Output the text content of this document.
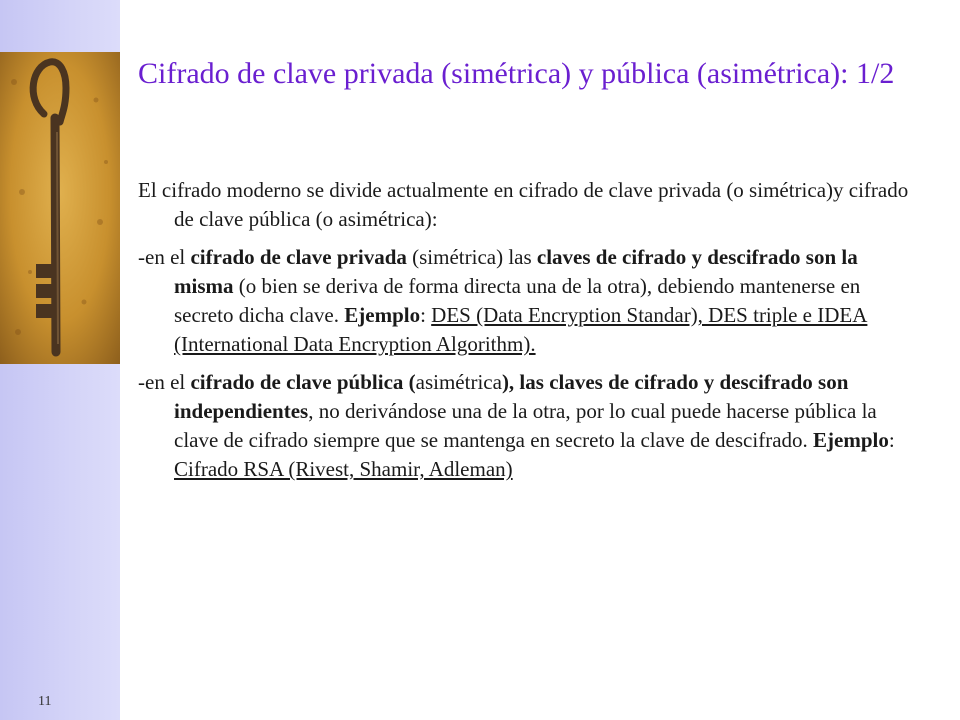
11
Cifrado de clave privada (simétrica) y pública (asimétrica): 1/2

El cifrado moderno se divide actualmente en cifrado de clave privada (o simétrica)y cifrado de clave pública (o asimétrica):

-en el cifrado de clave privada (simétrica) las claves de cifrado y descifrado son la misma (o bien se deriva de forma directa una de la otra), debiendo mantenerse en secreto dicha clave. Ejemplo: DES (Data Encryption Standar), DES triple e IDEA (International Data Encryption Algorithm).

-en el cifrado de clave pública (asimétrica), las claves de cifrado y descifrado son independientes, no derivándose una de la otra, por lo cual puede hacerse pública la clave de cifrado siempre que se mantenga en secreto la clave de descifrado. Ejemplo: Cifrado RSA (Rivest, Shamir, Adleman)
